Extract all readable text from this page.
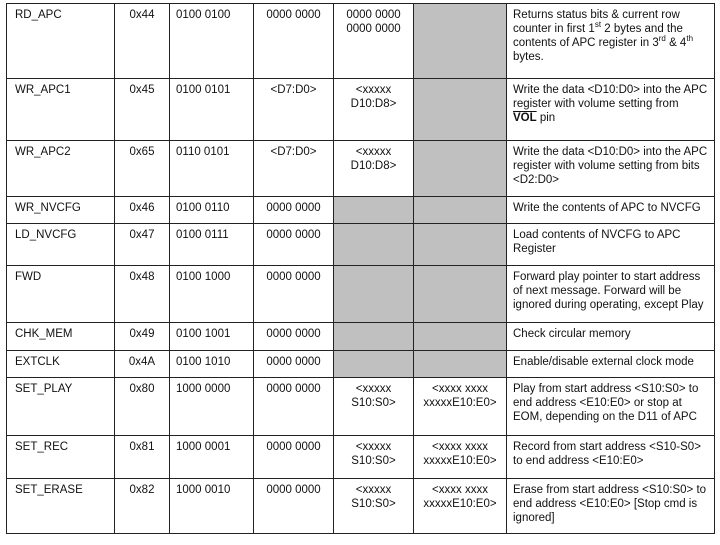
RD_APC	0x44	0100 0100	0000 0000	0000 0000
0000 0000		Returns status bits & current row counter in first 1st 2 bytes and the contents of APC register in 3rd & 4th bytes.
WR_APC1	0x45	0100 0101	<D7:D0>	<xxxxx
D10:D8>		Write the data <D10:D0> into the APC register with volume setting from
$\overline{VOL}$ pin
WR_APC2	0x65	0110 0101	<D7:D0>	<xxxxx
D10:D8>		Write the data <D10:D0> into the APC register with volume setting from bits <D2:D0>
WR_NVCFG	0x46	0100 0110	0000 0000			Write the contents of APC to NVCFG
LD_NVCFG	0x47	0100 0111	0000 0000			Load contents of NVCFG to APC Register
FWD	0x48	0100 1000	0000 0000			Forward play pointer to start address of next message. Forward will be ignored during operating, except Play
CHK_MEM	0x49	0100 1001	0000 0000			Check circular memory
EXTCLK	0x4A	0100 1010	0000 0000			Enable/disable external clock mode
SET_PLAY	0x80	1000 0000	0000 0000	<xxxxx
S10:S0>	<xxxx xxxx
xxxxxE10:E0>	Play from start address <S10:S0> to end address <E10:E0> or stop at EOM, depending on the D11 of APC
SET_REC	0x81	1000 0001	0000 0000	<xxxxx
S10:S0>	<xxxx xxxx
xxxxxE10:E0>	Record from start address <S10-S0> to end address <E10:E0>
SET_ERASE	0x82	1000 0010	0000 0000	<xxxxx
S10:S0>	<xxxx xxxx
xxxxxE10:E0>	Erase from start address <S10:S0> to end address <E10:E0> [Stop cmd is ignored]
